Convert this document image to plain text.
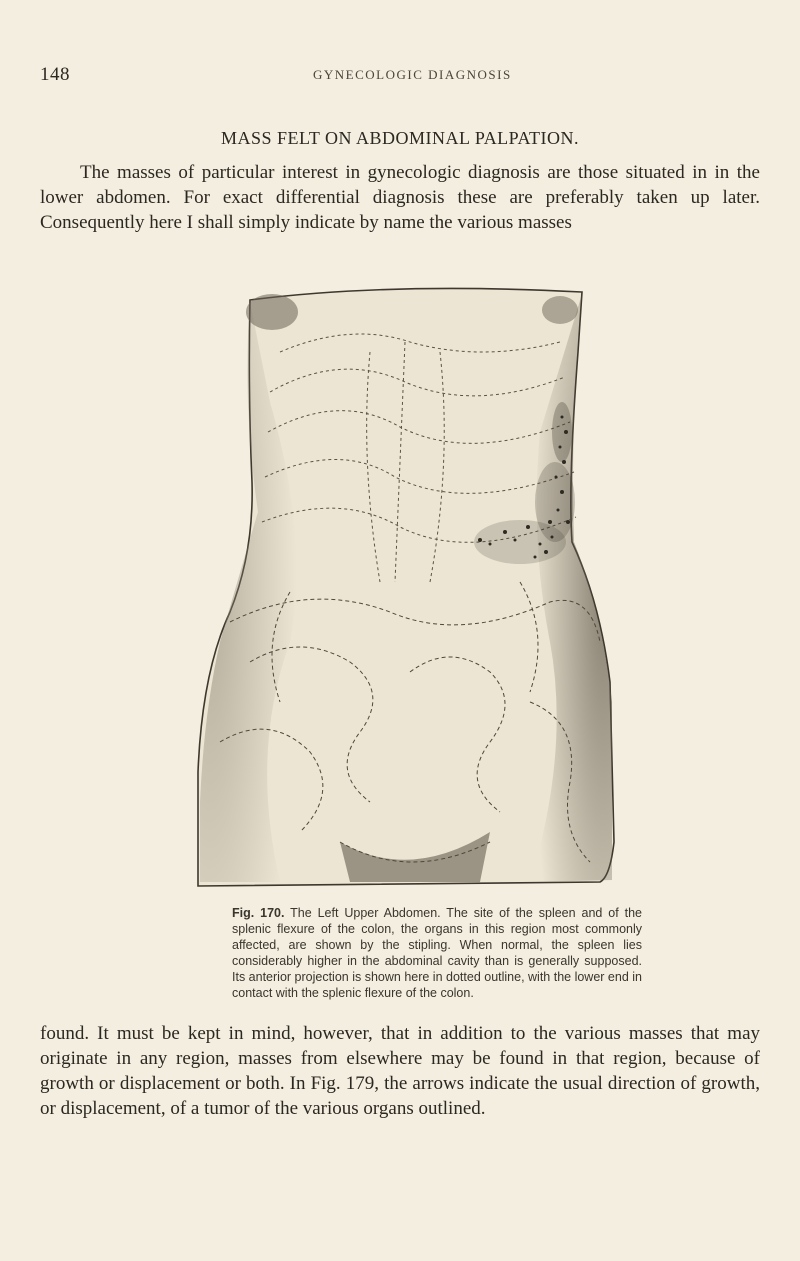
148	GYNECOLOGIC DIAGNOSIS
MASS FELT ON ABDOMINAL PALPATION.

The masses of particular interest in gynecologic diagnosis are those situated in in the lower abdomen. For exact differential diagnosis these are preferably taken up later. Consequently here I shall simply indicate by name the various masses

Fig. 170. The Left Upper Abdomen. The site of the spleen and of the splenic flexure of the colon, the organs in this region most commonly affected, are shown by the stipling. When normal, the spleen lies considerably higher in the abdominal cavity than is generally supposed. Its anterior projection is shown here in dotted outline, with the lower end in contact with the splenic flexure of the colon.

found. It must be kept in mind, however, that in addition to the various masses that may originate in any region, masses from elsewhere may be found in that region, because of growth or displacement or both. In Fig. 179, the arrows indicate the usual direction of growth, or displacement, of a tumor of the various organs outlined.
